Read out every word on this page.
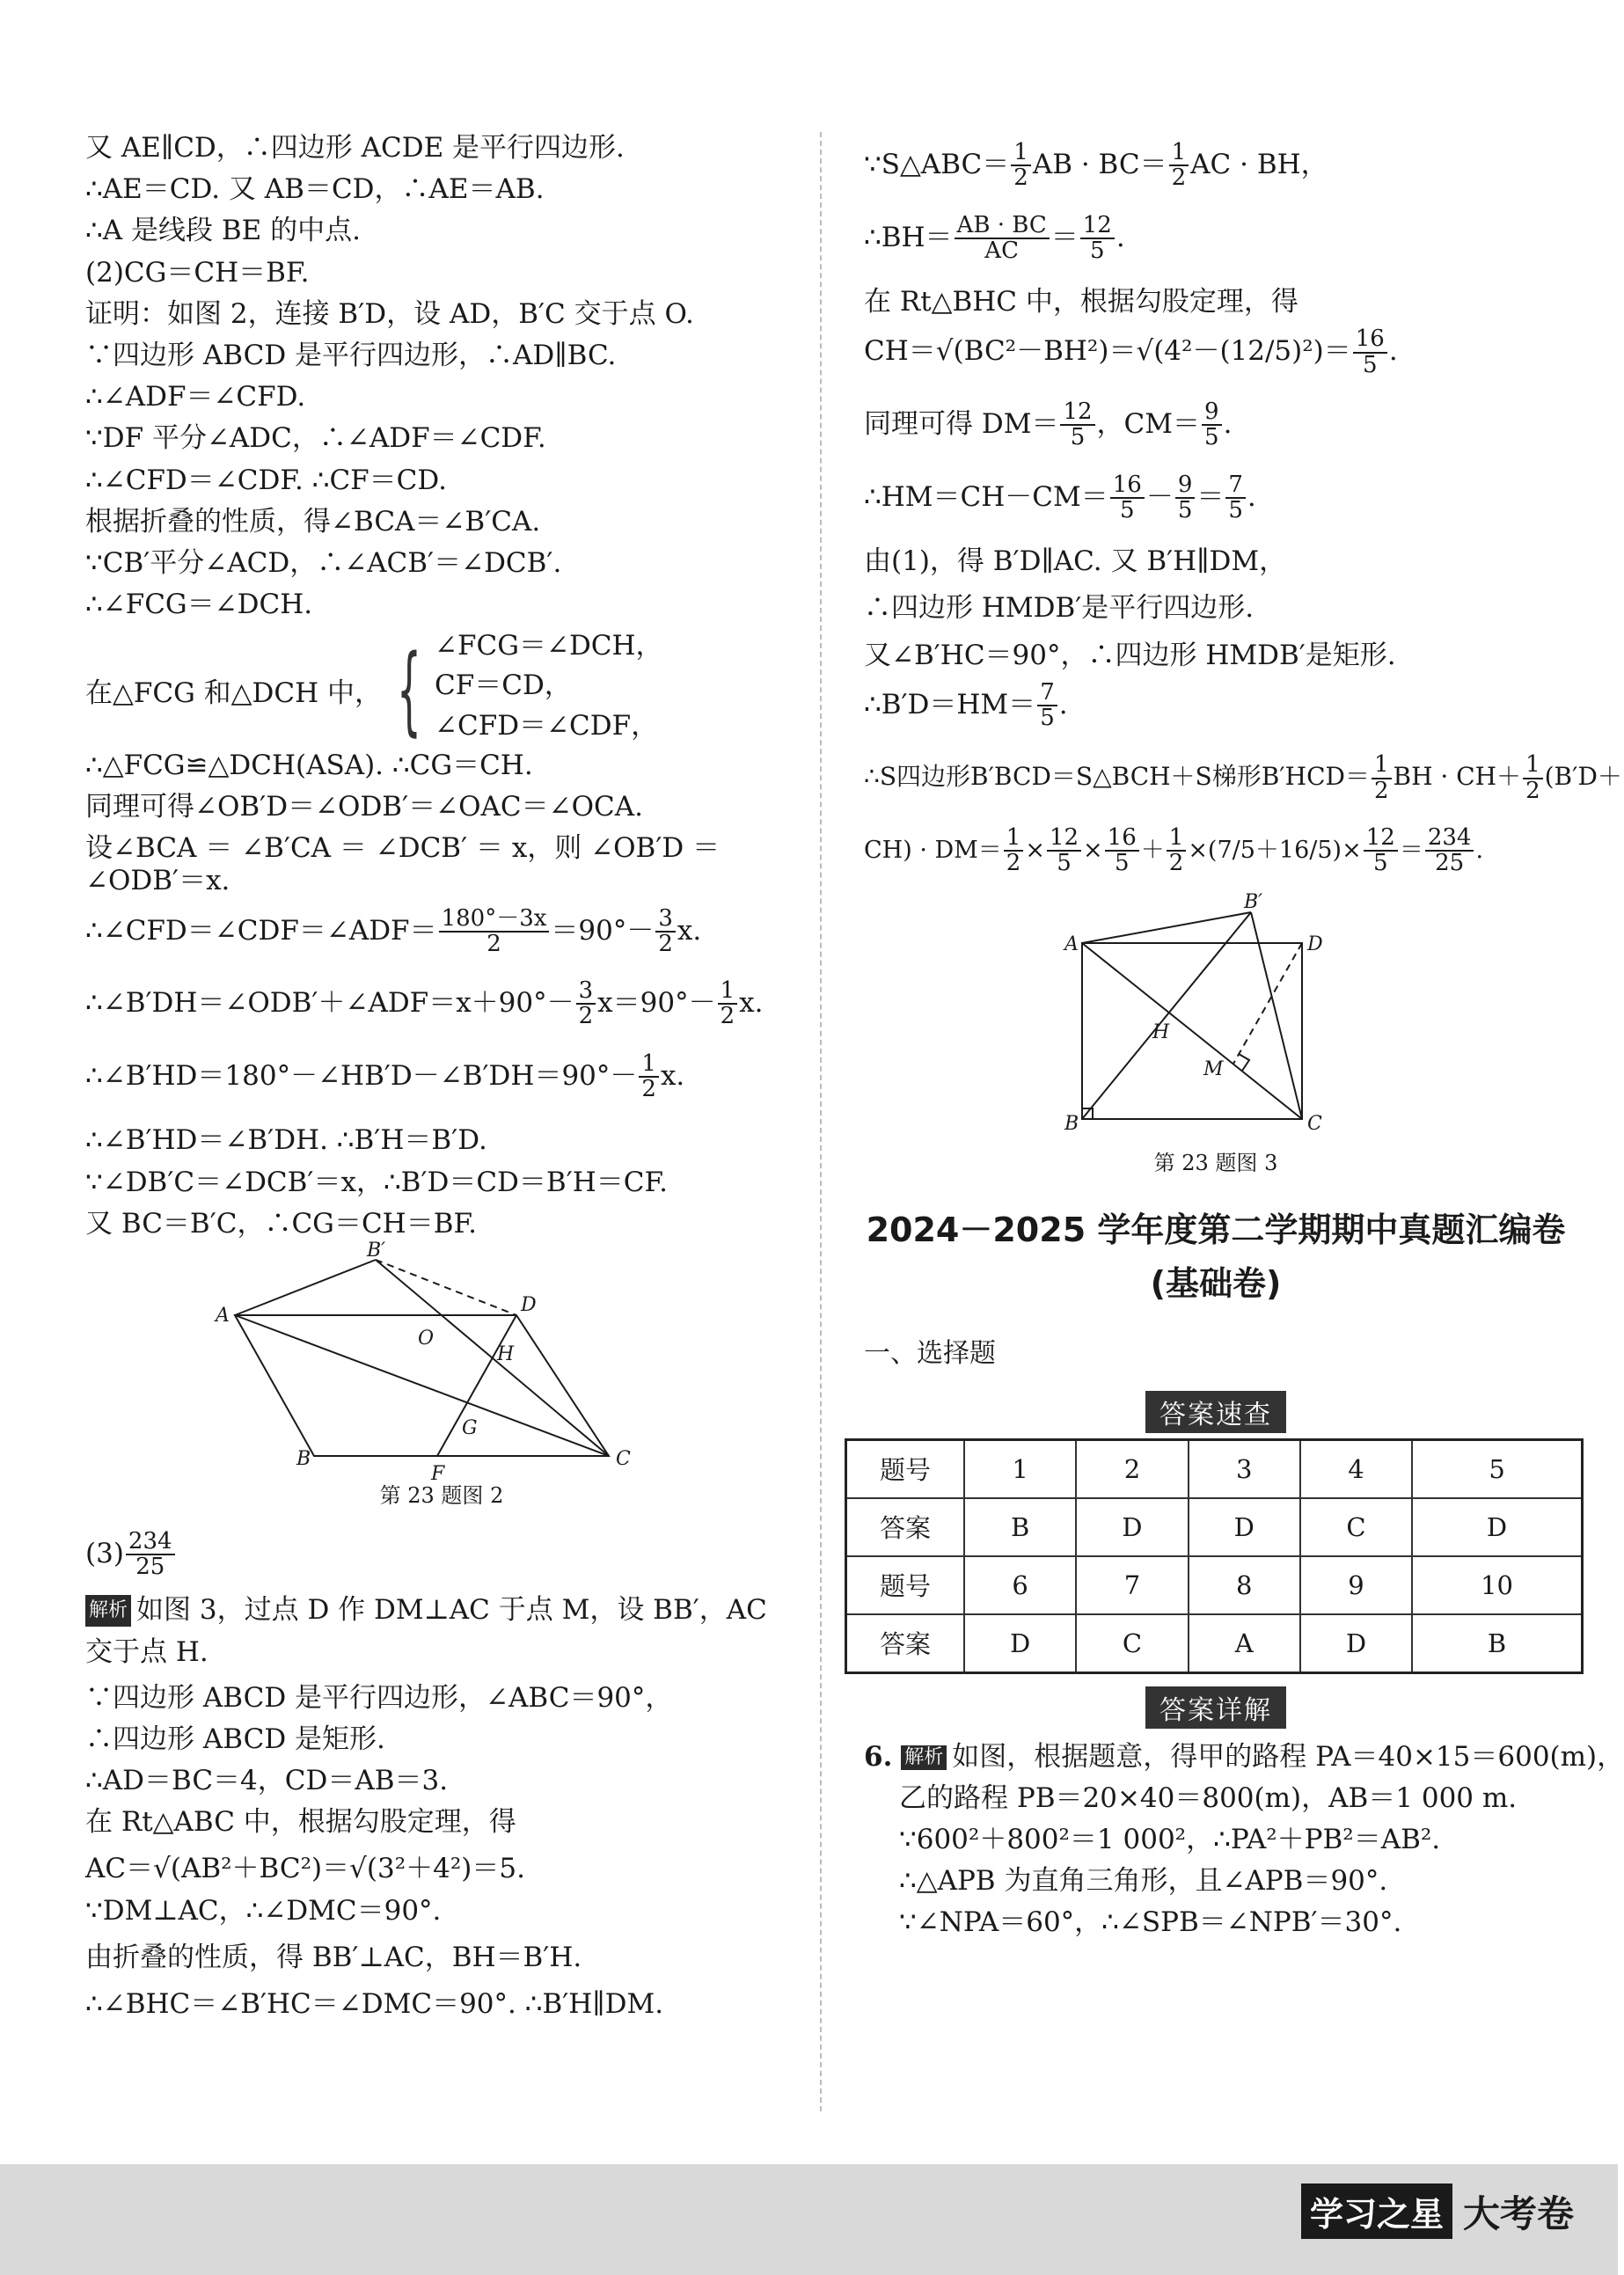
又 AE∥CD，∴四边形 ACDE 是平行四边形.
∴AE＝CD. 又 AB＝CD，∴AE＝AB.
∴A 是线段 BE 的中点.
(2)CG＝CH＝BF.
证明：如图 2，连接 B′D，设 AD，B′C 交于点 O.
∵四边形 ABCD 是平行四边形，∴AD∥BC.
∴∠ADF＝∠CFD.
∵DF 平分∠ADC，∴∠ADF＝∠CDF.
∴∠CFD＝∠CDF. ∴CF＝CD.
根据折叠的性质，得∠BCA＝∠B′CA.
∵CB′平分∠ACD，∴∠ACB′＝∠DCB′.
∴∠FCG＝∠DCH.
在△FCG 和△DCH 中， { ∠FCG＝∠DCH，
CF＝CD，
∠CFD＝∠CDF，
∴△FCG≌△DCH(ASA). ∴CG＝CH.
同理可得∠OB′D＝∠ODB′＝∠OAC＝∠OCA.
设∠BCA ＝ ∠B′CA ＝ ∠DCB′ ＝ x，则 ∠OB′D ＝ ∠ODB′＝x.
∴∠CFD＝∠CDF＝∠ADF＝ $\frac{180^\circ-3x}{2} =90^\circ- \frac{3}{2} x$.
∴∠B′DH＝∠ODB′＋∠ADF＝x＋90°－ $\frac{3}{2} x=90^\circ- \frac{1}{2} x$.
∴∠B′HD＝180°－∠HB′D－∠B′DH＝90°－ $\frac{1}{2} x$.
∴∠B′HD＝∠B′DH. ∴B′H＝B′D.
∵∠DB′C＝∠DCB′＝x，∴B′D＝CD＝B′H＝CF.
又 BC＝B′C，∴CG＝CH＝BF.
A
B	C
D
B′
O
H
G
F
第 23 题图 2
$(3) \frac{234}{25}$
解析 如图 3，过点 D 作 DM⊥AC 于点 M，设 BB′，AC 交于点 H.
∵四边形 ABCD 是平行四边形，∠ABC＝90°，
∴四边形 ABCD 是矩形.
∴AD＝BC＝4，CD＝AB＝3.
在 Rt△ABC 中，根据勾股定理，得
AC＝√(AB²＋BC²)＝√(3²＋4²)＝5.
∵DM⊥AC，∴∠DMC＝90°.
由折叠的性质，得 BB′⊥AC，BH＝B′H.
∴∠BHC＝∠B′HC＝∠DMC＝90°. ∴B′H∥DM.
∵S△ABC＝ $\frac{1}{2}$ AB · $BC= \frac{1}{2}$ AC · BH，
∴BH＝ $\frac{AB \cdot BC}{AC} = \frac{12}{5}$ .
在 Rt△BHC 中，根据勾股定理，得
$CH=√(BC^2-BH^2)=√(4^2-(12/5)^2)= \frac{16}{5}$ .
同理可得 $DM= \frac{12}{5}$ ，$CM= \frac{9}{5}$ .
∴HM＝CH－CM＝ $\frac{16}{5} - \frac{9}{5} = \frac{7}{5}$ .
由(1)，得 B′D∥AC. 又 B′H∥DM，
∴四边形 HMDB′是平行四边形.
又∠B′HC＝90°，∴四边形 HMDB′是矩形.
∴B′D＝HM＝ $\frac{7}{5}$ .
∴S四边形B′BCD＝S△BCH＋S梯形$B'HCD= \frac{1}{2}$ BH · $CH+ \frac{1}{2} (B'D+$
$CH) \cdot DM= \frac{1}{2} \times \frac{12}{5} \times \frac{16}{5} + \frac{1}{2} \times(7/5+16/5)\times \frac{12}{5} = \frac{234}{25}$ .
A
B	C
D
B′
H
M
第 23 题图 3
2024－2025 学年度第二学期期中真题汇编卷
(基础卷)
一、选择题
答案速查
题号	1	2	3	4	5
答案	B	D	D	C	D
题号	6	7	8	9	10
答案	D	C	A	D	B
答案详解
6. 解析 如图，根据题意，得甲的路程 PA＝40×15＝600(m)，
乙的路程 PB＝20×40＝800(m)，AB＝1 000 m.
∵600²＋800²＝1 000²，∴PA²＋PB²＝AB².
∴△APB 为直角三角形，且∠APB＝90°.
∵∠NPA＝60°，∴∠SPB＝∠NPB′＝30°.
学习之星 大考卷
